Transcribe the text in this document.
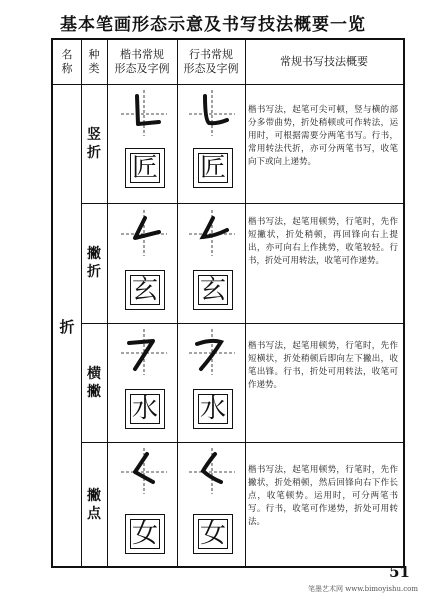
基本笔画形态示意及书写技法概要一览
名
称
种
类
楷书常规
形态及字例
行书常规
形态及字例
常规书写技法概要
折
竖
折
匠 匠
楷书写法，起笔可尖可顿，竖与横的部分多带曲势，折处稍顿或可作转法，运用时，可根据需要分两笔书写。行书，常用转法代折，亦可分两笔书写，收笔向下或向上递势。
撇
折
玄 玄
楷书写法，起笔用顿势，行笔时，先作短撇状，折处稍顿，再回锋向右上提出，亦可向右上作挑势，收笔较轻。行书，折处可用转法，收笔可作递势。
横
撇
水 水
楷书写法，起笔用顿势，行笔时，先作短横状，折处稍顿后即向左下撇出，收笔出锋。行书，折处可用转法，收笔可作递势。
撇
点
女 女
楷书写法，起笔用顿势，行笔时，先作撇状，折处稍顿，然后回锋向右下作长点，收笔顿势。运用时，可分两笔书写。行书，收笔可作递势，折处可用转法。
51
笔墨艺术网 www.bimoyishu.com
